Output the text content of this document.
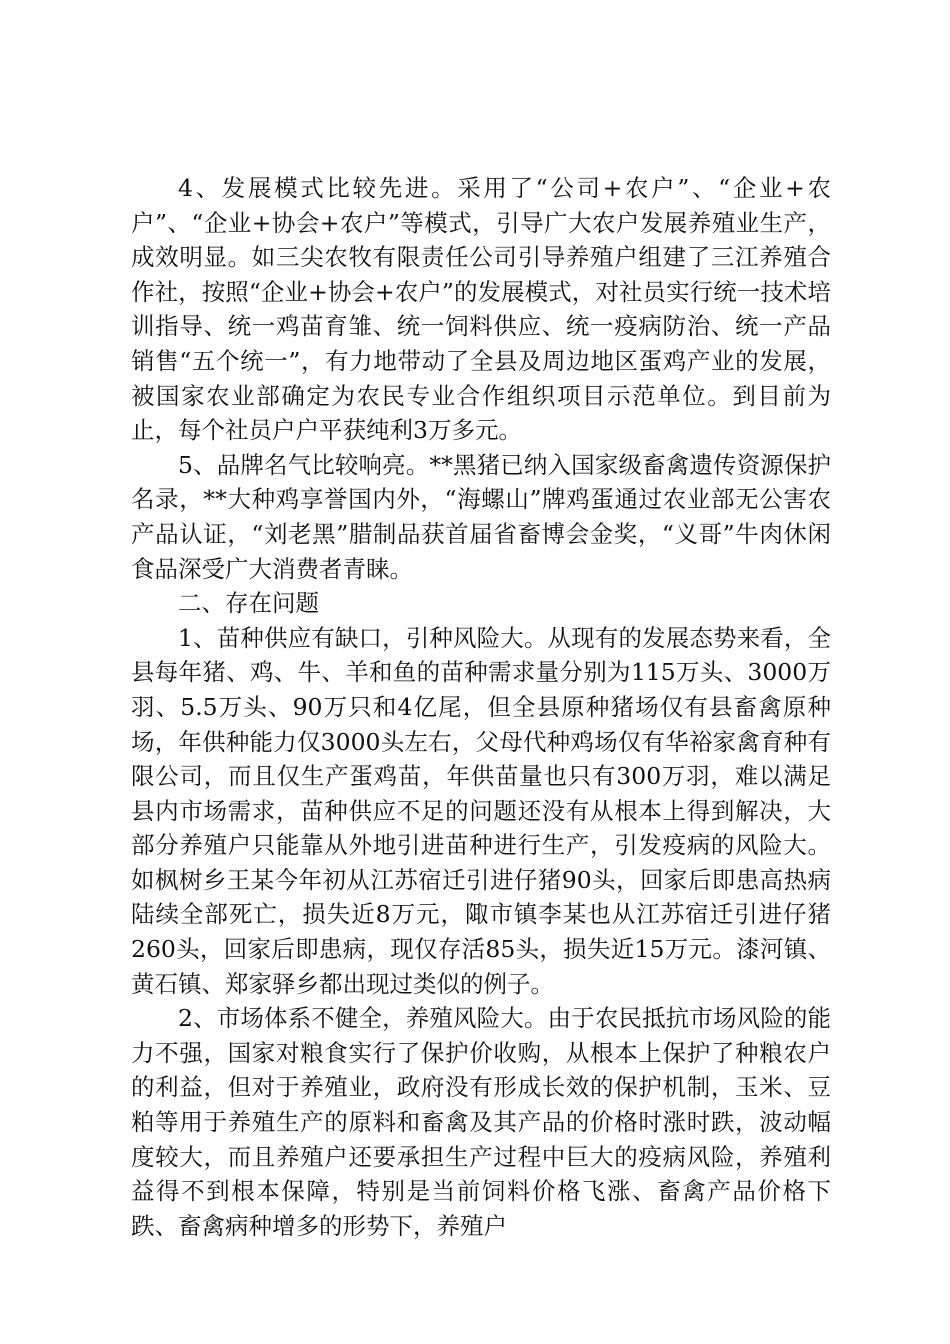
4、发展模式比较先进。采用了“公司+农户”、“企业+农户”、“企业+协会+农户”等模式，引导广大农户发展养殖业生产，成效明显。如三尖农牧有限责任公司引导养殖户组建了三江养殖合作社，按照“企业+协会+农户”的发展模式，对社员实行统一技术培训指导、统一鸡苗育雏、统一饲料供应、统一疫病防治、统一产品销售“五个统一”，有力地带动了全县及周边地区蛋鸡产业的发展，被国家农业部确定为农民专业合作组织项目示范单位。到目前为止，每个社员户户平获纯利3万多元。

5、品牌名气比较响亮。**黑猪已纳入国家级畜禽遗传资源保护名录，**大种鸡享誉国内外，“海螺山”牌鸡蛋通过农业部无公害农产品认证，“刘老黑”腊制品获首届省畜博会金奖，“义哥”牛肉休闲食品深受广大消费者青睐。

二、存在问题

1、苗种供应有缺口，引种风险大。从现有的发展态势来看，全县每年猪、鸡、牛、羊和鱼的苗种需求量分别为115万头、3000万羽、5.5万头、90万只和4亿尾，但全县原种猪场仅有县畜禽原种场，年供种能力仅3000头左右，父母代种鸡场仅有华裕家禽育种有限公司，而且仅生产蛋鸡苗，年供苗量也只有300万羽，难以满足县内市场需求，苗种供应不足的问题还没有从根本上得到解决，大部分养殖户只能靠从外地引进苗种进行生产，引发疫病的风险大。如枫树乡王某今年初从江苏宿迁引进仔猪90头，回家后即患高热病陆续全部死亡，损失近8万元，陬市镇李某也从江苏宿迁引进仔猪260头，回家后即患病，现仅存活85头，损失近15万元。漆河镇、黄石镇、郑家驿乡都出现过类似的例子。

2、市场体系不健全，养殖风险大。由于农民抵抗市场风险的能力不强，国家对粮食实行了保护价收购，从根本上保护了种粮农户的利益，但对于养殖业，政府没有形成长效的保护机制，玉米、豆粕等用于养殖生产的原料和畜禽及其产品的价格时涨时跌，波动幅度较大，而且养殖户还要承担生产过程中巨大的疫病风险，养殖利益得不到根本保障，特别是当前饲料价格飞涨、畜禽产品价格下跌、畜禽病种增多的形势下，养殖户
